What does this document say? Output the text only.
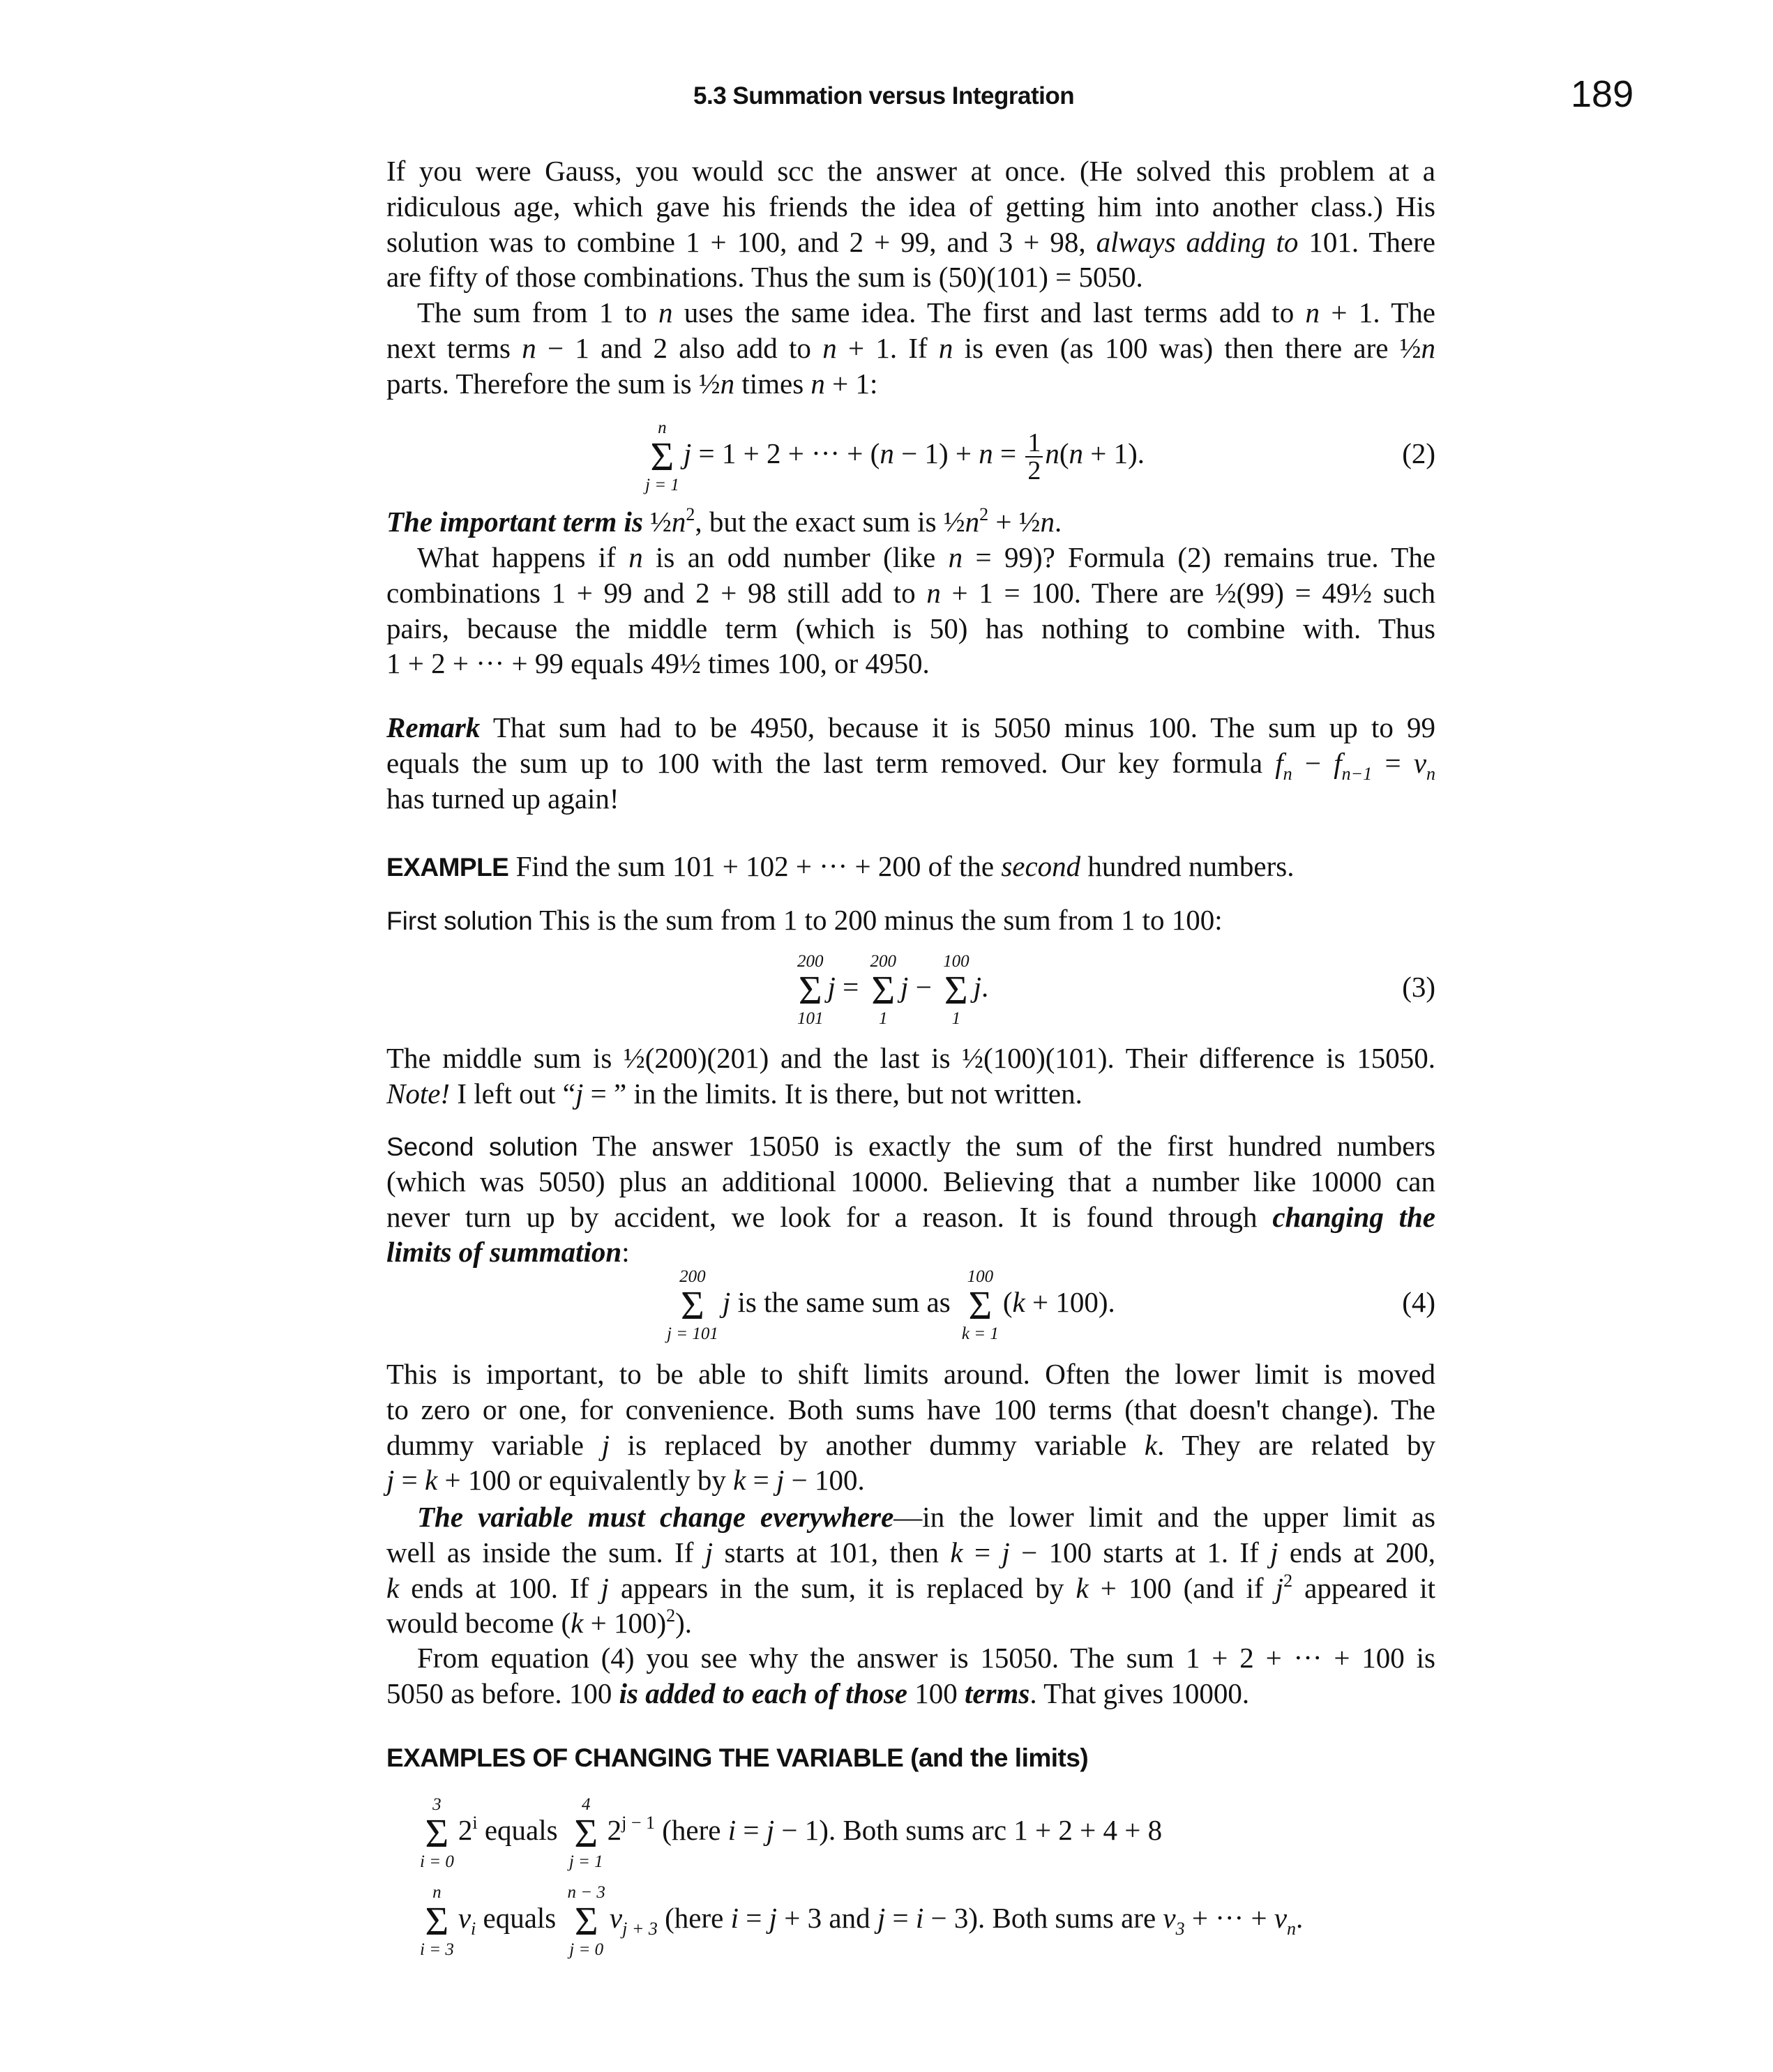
5.3 Summation versus Integration	189
If you were Gauss, you would scc the answer at once. (He solved this problem at a
ridiculous age, which gave his friends the idea of getting him into another class.) His
solution was to combine 1 + 100, and 2 + 99, and 3 + 98, always adding to 101. There
are fifty of those combinations. Thus the sum is (50)(101) = 5050.
The sum from 1 to n uses the same idea. The first and last terms add to n + 1. The
next terms n − 1 and 2 also add to n + 1. If n is even (as 100 was) then there are ½n
parts. Therefore the sum is ½n times n + 1:
n
Σ
j = 1
j = 1 + 2 + ··· + $(n - 1) + n = \frac{1}{2} n(n + 1)$.	(2)
The important term is $\frac{1}{2}n^2$, but the exact sum is $\frac{1}{2}n^2$ + ½n.
What happens if n is an odd number (like n = 99)? Formula (2) remains true. The
combinations 1 + 99 and 2 + 98 still add to n + 1 = 100. There are ½(99) = 49½ such
pairs, because the middle term (which is 50) has nothing to combine with. Thus
1 + 2 + ··· + 99 equals 49½ times 100, or 4950.
Remark That sum had to be 4950, because it is 5050 minus 100. The sum up to 99
equals the sum up to 100 with the last term removed. Our key formula $f_n - f_{n-1} = v_n$
has turned up again!
EXAMPLE Find the sum 101 + 102 + ··· + 200 of the second hundred numbers.
First solution This is the sum from 1 to 200 minus the sum from 1 to 100:
200
Σ
101
j =
200
Σ
1
j −
100
Σ
1
j.	(3)
The middle sum is ½(200)(201) and the last is ½(100)(101). Their difference is 15050.
Note! I left out “j = ” in the limits. It is there, but not written.
Second solution The answer 15050 is exactly the sum of the first hundred numbers
(which was 5050) plus an additional 10000. Believing that a number like 10000 can
never turn up by accident, we look for a reason. It is found through changing the
limits of summation:
200
Σ
j = 101
j is the same sum as
100
Σ
k = 1
(k + 100).	(4)
This is important, to be able to shift limits around. Often the lower limit is moved
to zero or one, for convenience. Both sums have 100 terms (that doesn't change). The
dummy variable j is replaced by another dummy variable k. They are related by
j = k + 100 or equivalently by k = j − 100.
The variable must change everywhere—in the lower limit and the upper limit as
well as inside the sum. If j starts at 101, then k = j − 100 starts at 1. If j ends at 200,
k ends at 100. If j appears in the sum, it is replaced by k + 100 (and if $j^2$ appeared it
would become $(k + 100)^2$).
From equation (4) you see why the answer is 15050. The sum 1 + 2 + ··· + 100 is
5050 as before. 100 is added to each of those 100 terms. That gives 10000.
EXAMPLES OF CHANGING THE VARIABLE (and the limits)
3
Σ
i = 0
2$^i$ equals
4
Σ
j = 1
$2^{j - 1}$ (here i = j − 1). Both sums arc 1 + 2 + 4 + 8
n
Σ
i = 3
$v_i$ equals
n − 3
Σ
j = 0
$v_{j + 3}$ (here i = j + 3 and j = i − 3). Both sums are $v_3$ + ··· + $v_n$.
